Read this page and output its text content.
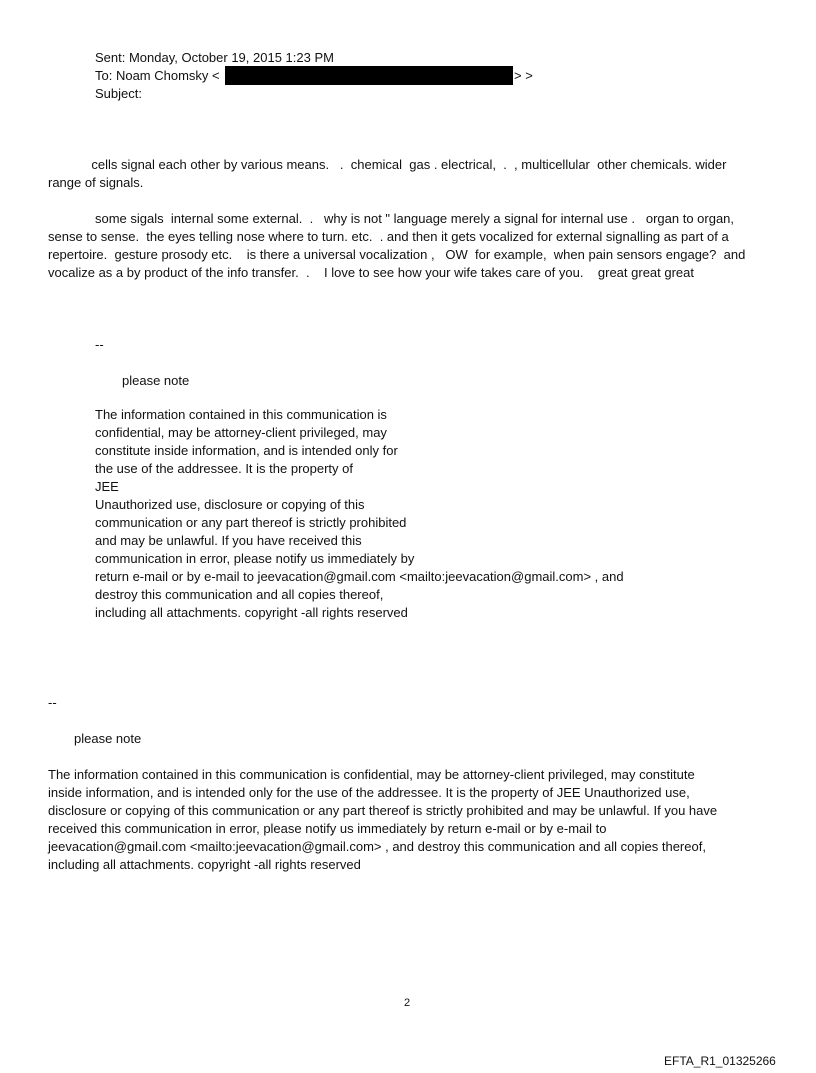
Sent: Monday, October 19, 2015 1:23 PM
To: Noam Chomsky <	> >
Subject:
cells signal each other by various means.   .  chemical  gas . electrical,  .  , multicellular  other chemicals. wider
range of signals.
some sigals  internal some external.  .   why is not " language merely a signal for internal use .   organ to organ,
sense to sense.  the eyes telling nose where to turn. etc.  . and then it gets vocalized for external signalling as part of a
repertoire.  gesture prosody etc.    is there a universal vocalization ,   OW  for example,  when pain sensors engage?  and
vocalize as a by product of the info transfer.  .    I love to see how your wife takes care of you.    great great great
--
please note
The information contained in this communication is
confidential, may be attorney-client privileged, may
constitute inside information, and is intended only for
the use of the addressee. It is the property of
JEE
Unauthorized use, disclosure or copying of this
communication or any part thereof is strictly prohibited
and may be unlawful. If you have received this
communication in error, please notify us immediately by
return e-mail or by e-mail to jeevacation@gmail.com <mailto:jeevacation@gmail.com> , and
destroy this communication and all copies thereof,
including all attachments. copyright -all rights reserved
--
please note
The information contained in this communication is confidential, may be attorney-client privileged, may constitute
inside information, and is intended only for the use of the addressee. It is the property of JEE Unauthorized use,
disclosure or copying of this communication or any part thereof is strictly prohibited and may be unlawful. If you have
received this communication in error, please notify us immediately by return e-mail or by e-mail to
jeevacation@gmail.com <mailto:jeevacation@gmail.com> , and destroy this communication and all copies thereof,
including all attachments. copyright -all rights reserved
2
EFTA_R1_01325266
